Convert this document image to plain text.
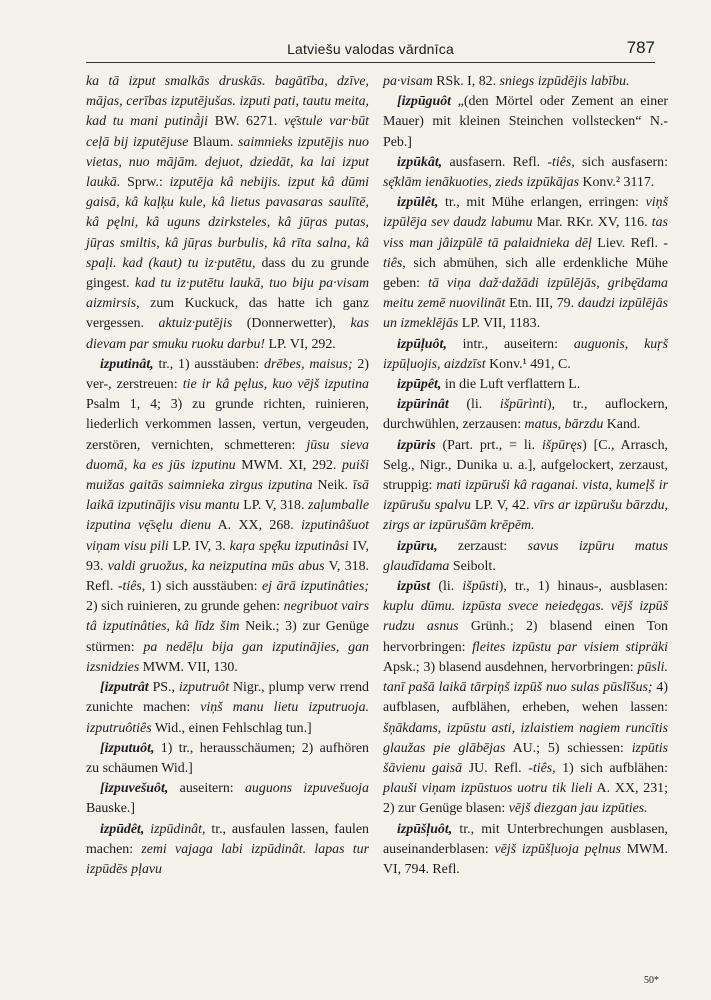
Latviešu valodas vārdnīca	787

ka tā izput smalkās druskās. bagātība, dzīve, mājas, cerības izputējušas. izputi pati, tautu meita, kad tu mani putinā̀ji BW. 6271. vę̄stule var·būt ceļā bij izputējuse Blaum. saimnieks izputējis nuo vietas, nuo mājām. dejuot, dziedāt, ka lai izput laukā. Sprw.: izputēja kâ nebijis. izput kâ dūmi gaisā, kâ kaļķu kule, kâ lietus pavasaras saulītē, kâ pęlni, kâ uguns dzirksteles, kâ jūŗas putas, jūŗas smiltis, kâ jūŗas burbulis, kâ rīta salna, kâ spaļi. kad (kaut) tu iz·putētu, dass du zu grunde gingest. kad tu iz·putētu laukā, tuo biju pa·visam aizmirsis, zum Kuckuck, das hatte ich ganz vergessen. aktuiz·putējis (Donnerwetter), kas dievam par smuku ruoku darbu! LP. VI, 292.

izputinât, tr., 1) ausstäuben: drēbes, maisus; 2) ver-, zerstreuen: tie ir kâ pęlus, kuo vējš izputina Psalm 1, 4; 3) zu grunde richten, ruinieren, liederlich verkommen lassen, vertun, vergeuden, zerstören, vernichten, schmetteren: jūsu sieva duomā, ka es jūs izputinu MWM. XI, 292. puiši muižas gaitās saimnieka zirgus izputina Neik. īsā laikā izputinājis visu mantu LP. V, 318. zaļumballe izputina vę̄sęlu dienu A. XX, 268. izputinâšuot viņam visu pili LP. IV, 3. kaŗa spę̄ku izputinâsi IV, 93. valdi gruožus, ka neizputina mūs abus V, 318. Refl. -tiês, 1) sich ausstäuben: ej ārā izputinâties; 2) sich ruinieren, zu grunde gehen: negribuot vairs tâ izputinâties, kâ līdz šim Neik.; 3) zur Genüge stürmen: pa nedēļu bija gan izputinājies, gan izsnidzies MWM. VII, 130.

[izputrât PS., izputruôt Nigr., plump verw rrend zunichte machen: viņš manu lietu izputruoja. izputruôtiês Wid., einen Fehlschlag tun.]

[izputuôt, 1) tr., herausschäumen; 2) aufhören zu schäumen Wid.]

[izpuvešuôt, auseitern: auguons izpuvešuoja Bauske.]

izpūdêt, izpūdinât, tr., ausfaulen lassen, faulen machen: zemi vajaga labi izpūdinât. lapas tur izpūdēs pļavu

pa·visam RSk. I, 82. sniegs izpūdējis labību.

[izpūguôt „(den Mörtel oder Zement an einer Mauer) mit kleinen Steinchen vollstecken“ N.-Peb.]

izpūkât, ausfasern. Refl. -tiês, sich ausfasern: sę̄klām ienākuoties, zieds izpūkājas Konv.² 3117.

izpūlêt, tr., mit Mühe erlangen, erringen: viņš izpūlēja sev daudz labumu Mar. RKr. XV, 116. tas viss man jâizpūlē tā palaidnieka dēļ Liev. Refl. -tiês, sich abmühen, sich alle erdenkliche Mühe geben: tā viņa daž·dažādi izpūlējās, gribę̄dama meitu zemē nuovilināt Etn. III, 79. daudzi izpūlējās un izmeklējās LP. VII, 1183.

izpūļuôt, intr., auseitern: auguonis, kuŗš izpūļuojis, aizdzīst Konv.¹ 491, C.

izpūpêt, in die Luft verflattern L.

izpūrinât (li. išpūrìnti), tr., auflockern, durchwühlen, zerzausen: matus, bārzdu Kand.

izpūris (Part. prt., = li. išpūręs) [C., Arrasch, Selg., Nigr., Dunika u. a.], aufgelockert, zerzaust, struppig: mati izpūruši kâ raganai. vista, kumeļš ir izpūrušu spalvu LP. V, 42. vīrs ar izpūrušu bārzdu, zirgs ar izpūrušām krēpēm.

izpūru, zerzaust: savus izpūru matus glaudīdama Seibolt.

izpūst (li. išpūsti), tr., 1) hinaus-, ausblasen: kuplu dūmu. izpūsta svece neiedęgas. vējš izpūš rudzu asnus Grünh.; 2) blasend einen Ton hervorbringen: fleites izpūstu par visiem stipräki Apsk.; 3) blasend ausdehnen, hervorbringen: pūsli. tanī pašā laikā tārpiņš izpūš nuo sulas pūslīšus; 4) aufblasen, aufblähen, erheben, wehen lassen: šņākdams, izpūstu asti, izlaistiem nagiem runcītis glaužas pie glābējas AU.; 5) schiessen: izpūtis šāvienu gaisā JU. Refl. -tiês, 1) sich aufblähen: plauši viņam izpūstuos uotru tik lieli A. XX, 231; 2) zur Genüge blasen: vējš diezgan jau izpūties.

izpūšļuôt, tr., mit Unterbrechungen ausblasen, auseinanderblasen: vējš izpūšļuoja pęlnus MWM. VI, 794. Refl.

50*
